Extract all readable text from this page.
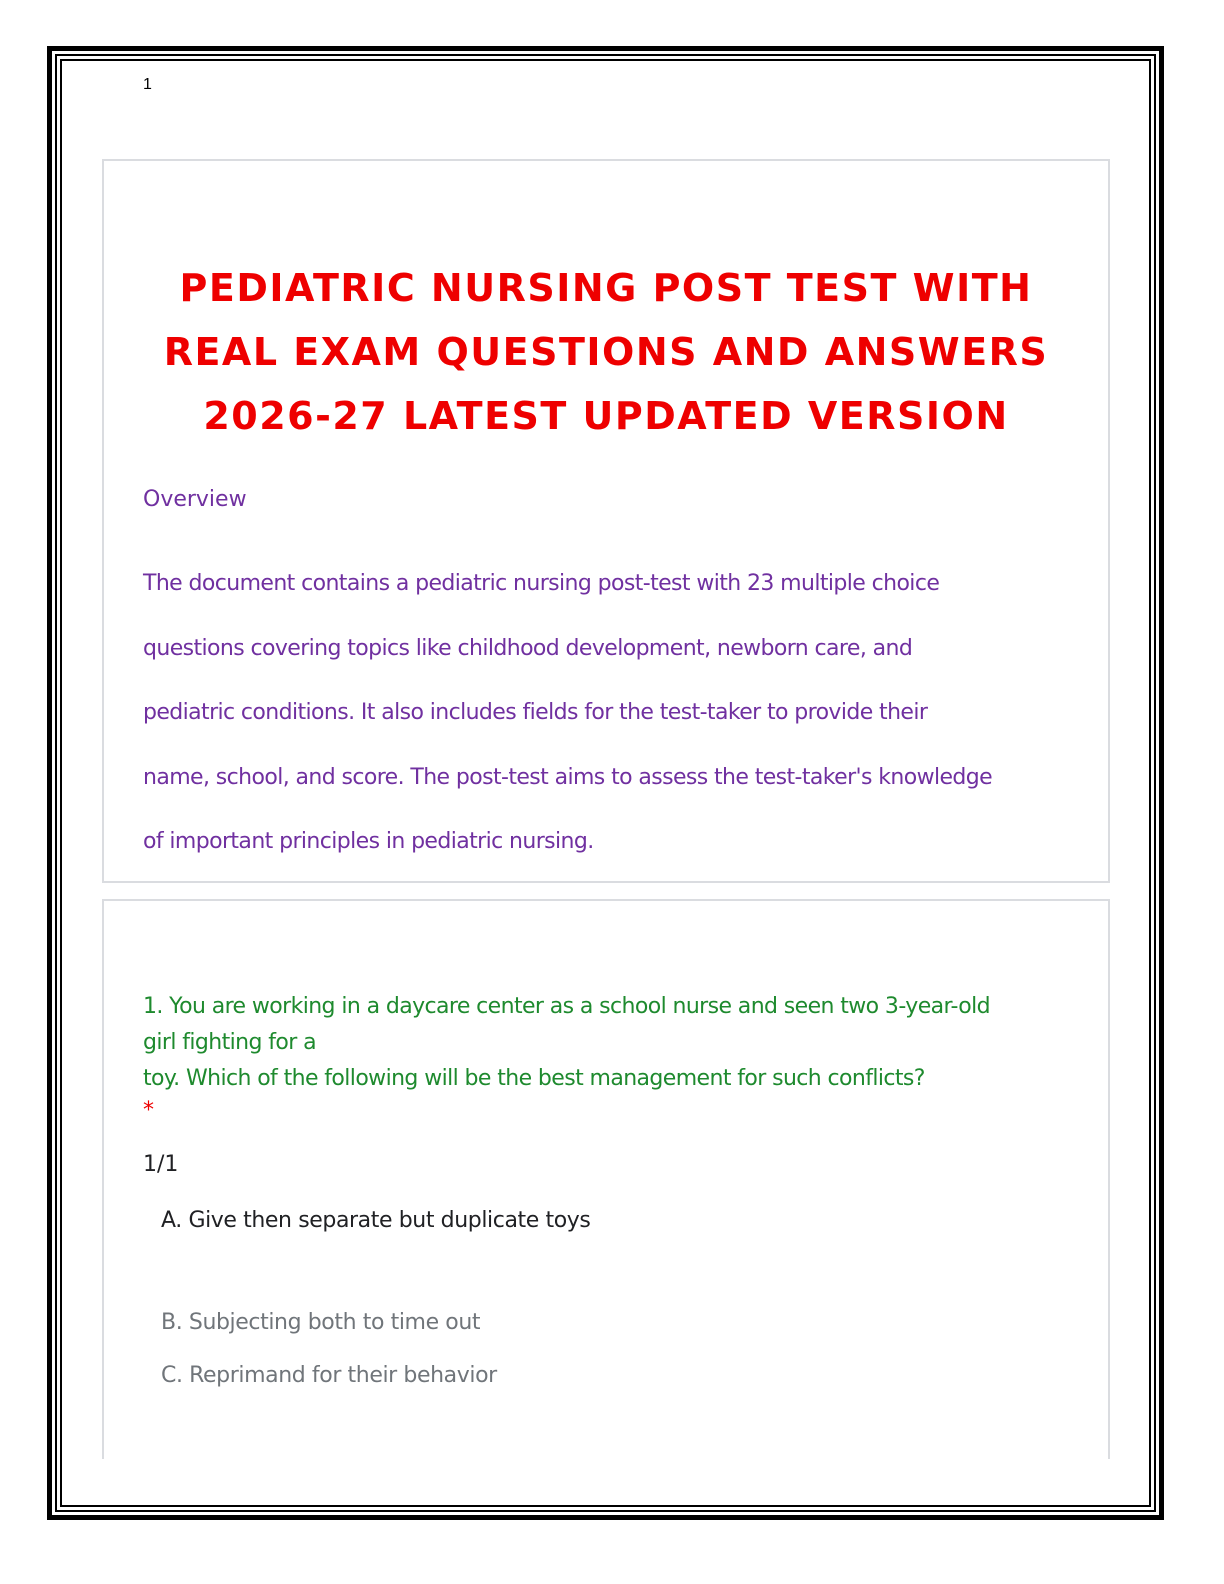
1
PEDIATRIC NURSING POST TEST WITH
REAL EXAM QUESTIONS AND ANSWERS
2026-27 LATEST UPDATED VERSION
Overview
The document contains a pediatric nursing post-test with 23 multiple choice
questions covering topics like childhood development, newborn care, and
pediatric conditions. It also includes fields for the test-taker to provide their
name, school, and score. The post-test aims to assess the test-taker's knowledge
of important principles in pediatric nursing.
1. You are working in a daycare center as a school nurse and seen two 3-year-old
girl fighting for a
toy. Which of the following will be the best management for such conflicts?
*
1/1
A. Give then separate but duplicate toys
B. Subjecting both to time out
C. Reprimand for their behavior
